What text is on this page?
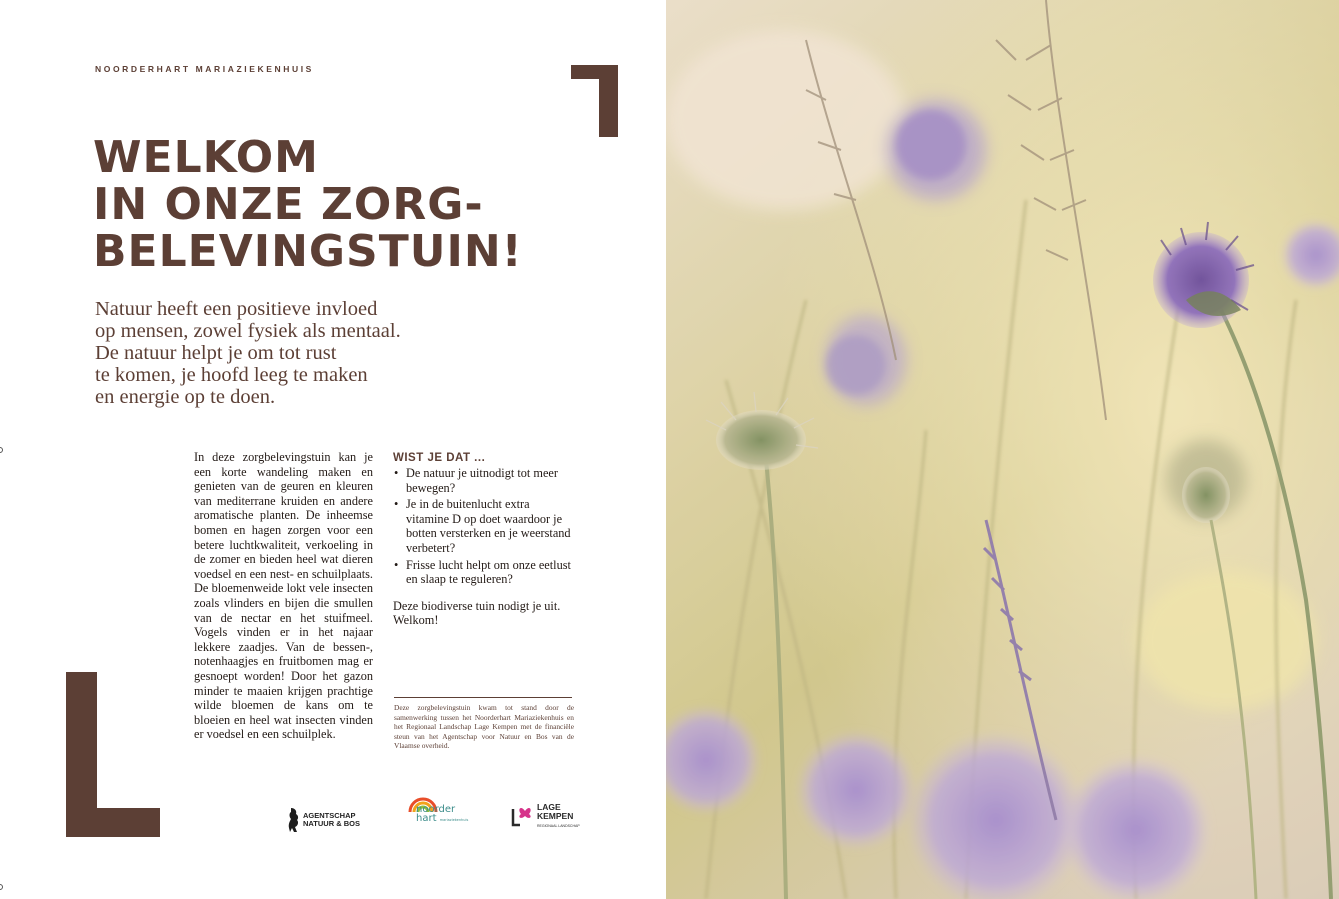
NOORDERHART MARIAZIEKENHUIS
WELKOM
IN ONZE ZORG-
BELEVINGSTUIN!
Natuur heeft een positieve invloed
op mensen, zowel fysiek als mentaal.
De natuur helpt je om tot rust
te komen, je hoofd leeg te maken
en energie op te doen.

In deze zorgbelevingstuin kan je een korte wandeling maken en genieten van de geuren en kleuren van mediterrane kruiden en andere aromatische planten. De inheemse bomen en hagen zorgen voor een betere luchtkwaliteit, verkoeling in de zomer en bieden heel wat dieren voedsel en een nest- en schuilplaats. De bloemenweide lokt vele insecten zoals vlinders en bijen die smullen van de nectar en het stuifmeel. Vogels vinden er in het najaar lekkere zaadjes. Van de bessen-, notenhaagjes en fruitbomen mag er gesnoept worden! Door het gazon minder te maaien krijgen prachtige wilde bloemen de kans om te bloeien en heel wat insecten vinden er voedsel en een schuilplek.

WIST JE DAT ...
• De natuur je uitnodigt tot meer bewegen?
• Je in de buitenlucht extra vitamine D op doet waardoor je botten versterken en je weerstand verbetert?
• Frisse lucht helpt om onze eetlust en slaap te reguleren?
Deze biodiverse tuin nodigt je uit.
Welkom!

Deze zorgbelevingstuin kwam tot stand door de samenwerking tussen het Noorderhart Mariaziekenhuis en het Regionaal Landschap Lage Kempen met de financiële steun van het Agentschap voor Natuur en Bos van de Vlaamse overheid.

AGENTSCHAP
NATUUR & BOS
noorder
hart mariaziekenhuis
LAGE
KEMPEN
REGIONAAL LANDSCHAP
